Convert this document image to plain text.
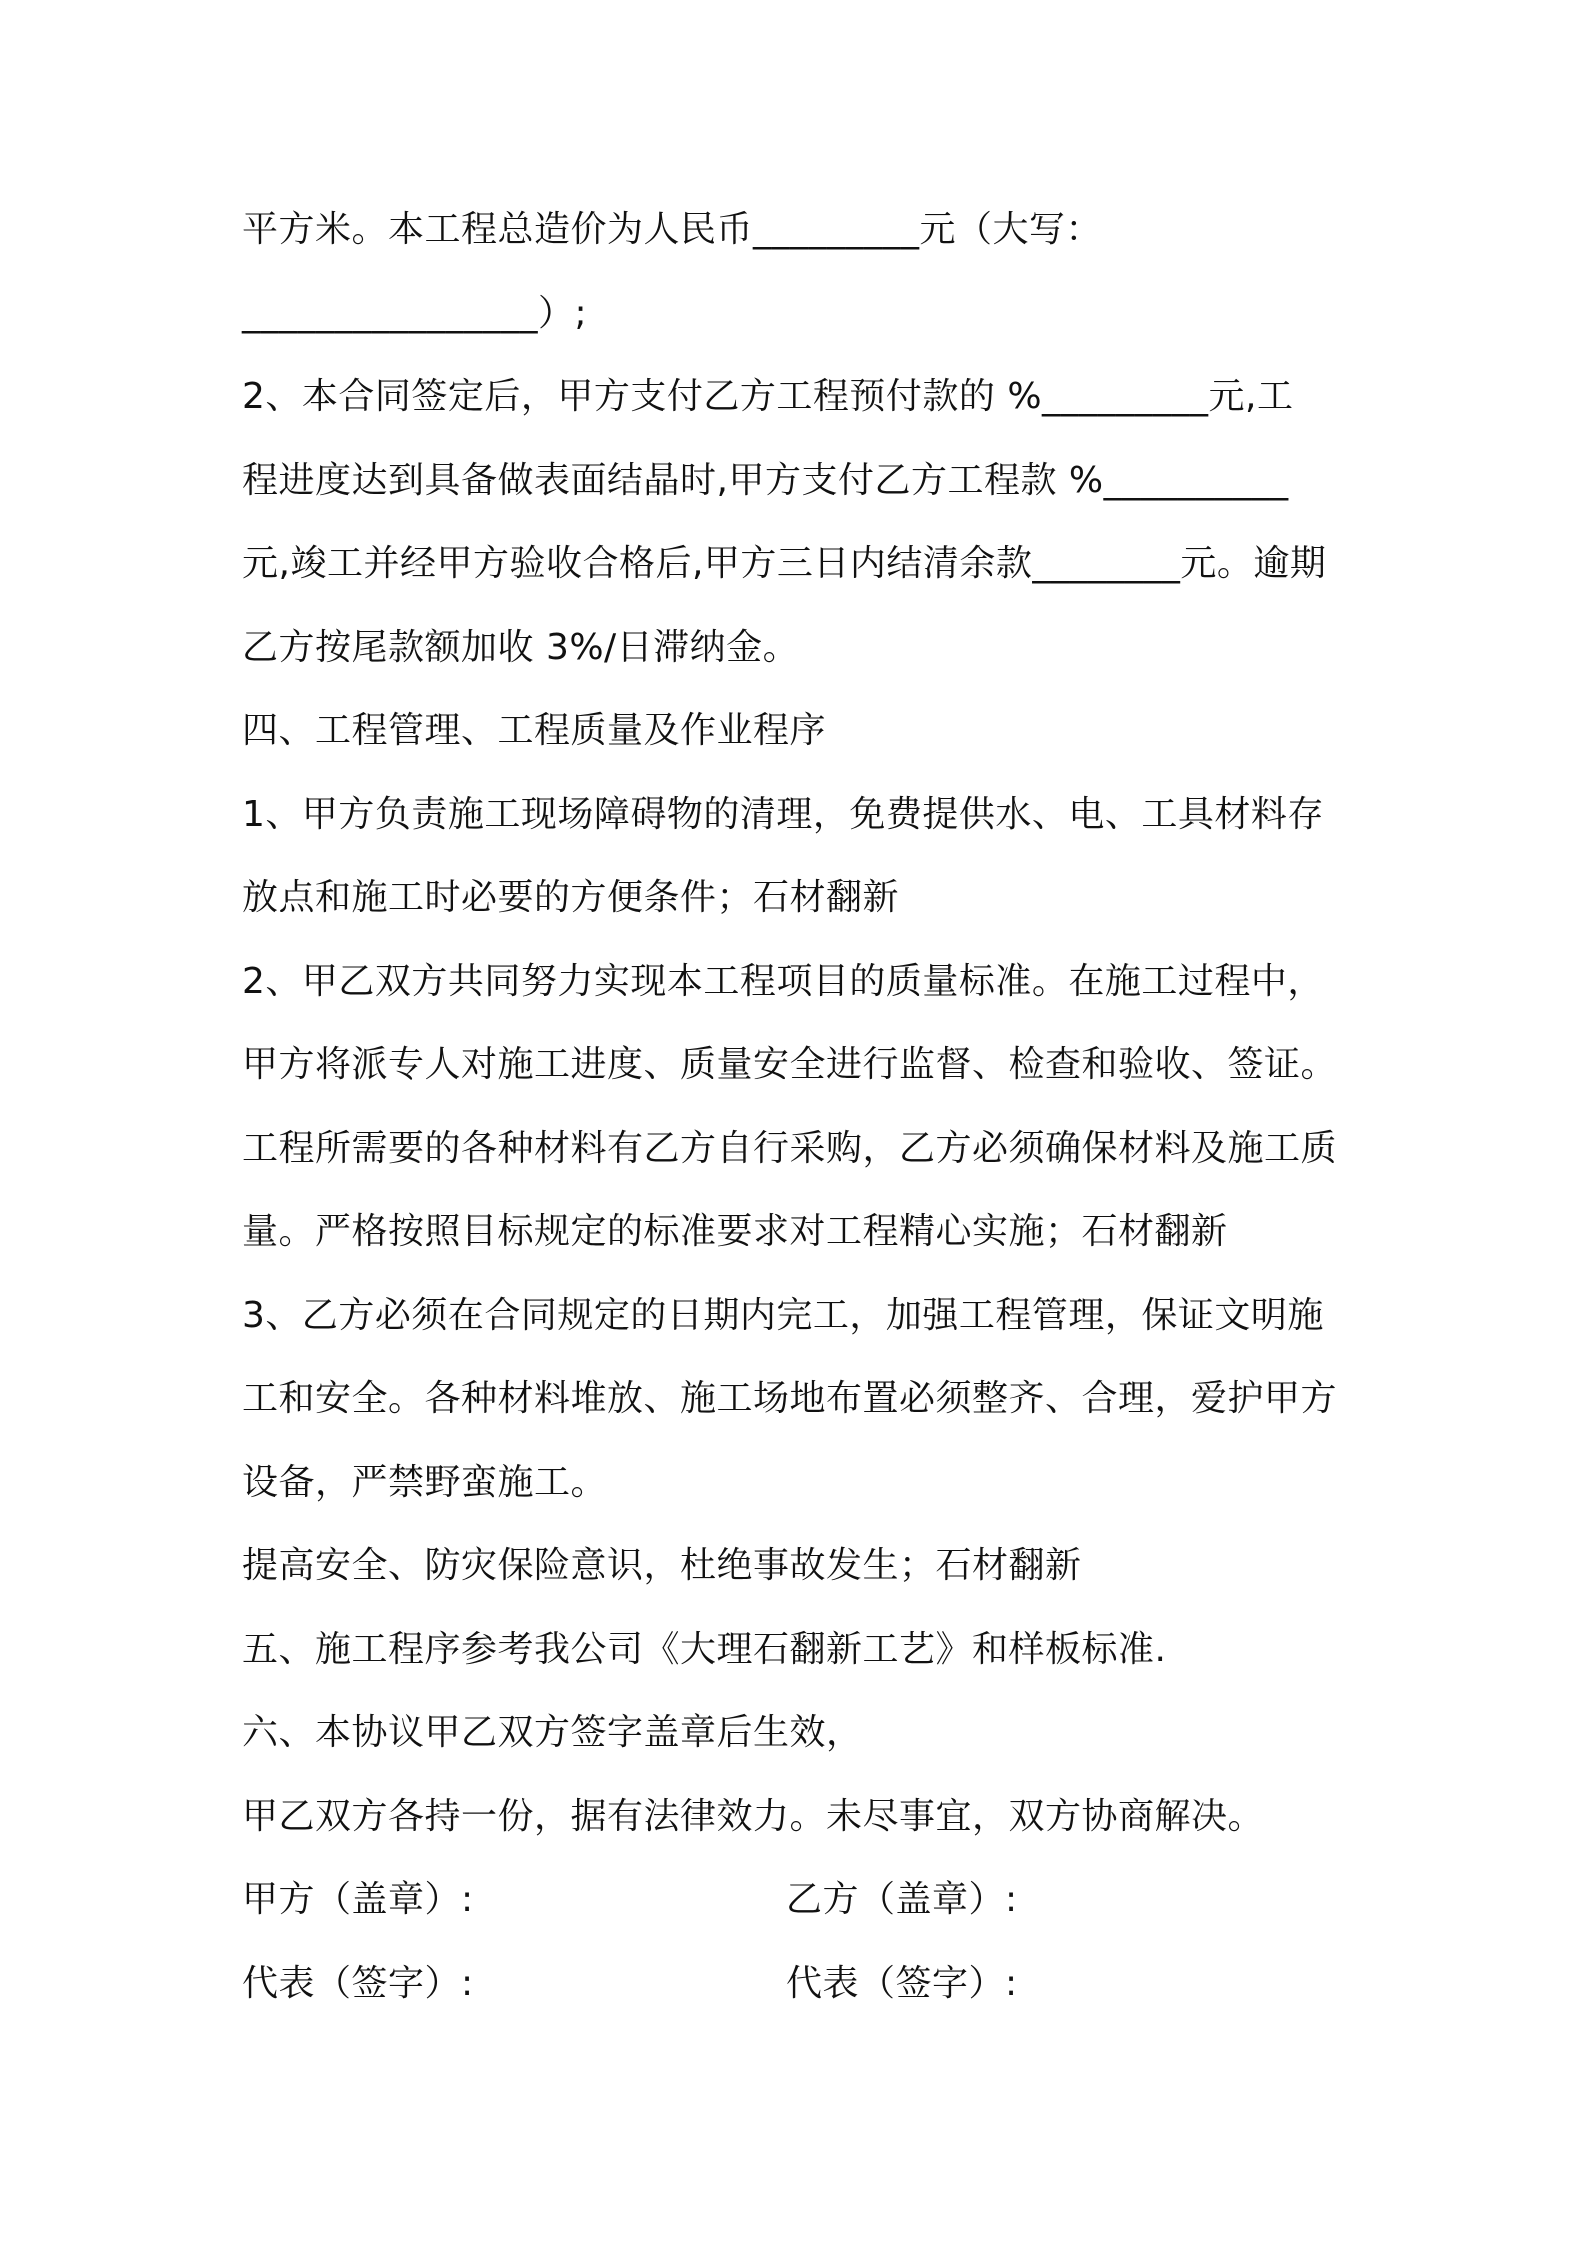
平方米。本工程总造价为人民币_________元（大写：
________________）;
2、本合同签定后，甲方支付乙方工程预付款的 %_________元,工
程进度达到具备做表面结晶时,甲方支付乙方工程款 %__________
元,竣工并经甲方验收合格后,甲方三日内结清余款________元。逾期
乙方按尾款额加收 3%/日滞纳金。
四、工程管理、工程质量及作业程序
1、甲方负责施工现场障碍物的清理，免费提供水、电、工具材料存
放点和施工时必要的方便条件；石材翻新
2、甲乙双方共同努力实现本工程项目的质量标准。在施工过程中，
甲方将派专人对施工进度、质量安全进行监督、检查和验收、签证。
工程所需要的各种材料有乙方自行采购，乙方必须确保材料及施工质
量。严格按照目标规定的标准要求对工程精心实施；石材翻新
3、乙方必须在合同规定的日期内完工，加强工程管理，保证文明施
工和安全。各种材料堆放、施工场地布置必须整齐、合理，爱护甲方
设备，严禁野蛮施工。
提高安全、防灾保险意识，杜绝事故发生；石材翻新
五、施工程序参考我公司《大理石翻新工艺》和样板标准.
六、本协议甲乙双方签字盖章后生效，
甲乙双方各持一份，据有法律效力。未尽事宜，双方协商解决。
甲方（盖章）:	乙方（盖章）:
代表（签字）:	代表（签字）:
